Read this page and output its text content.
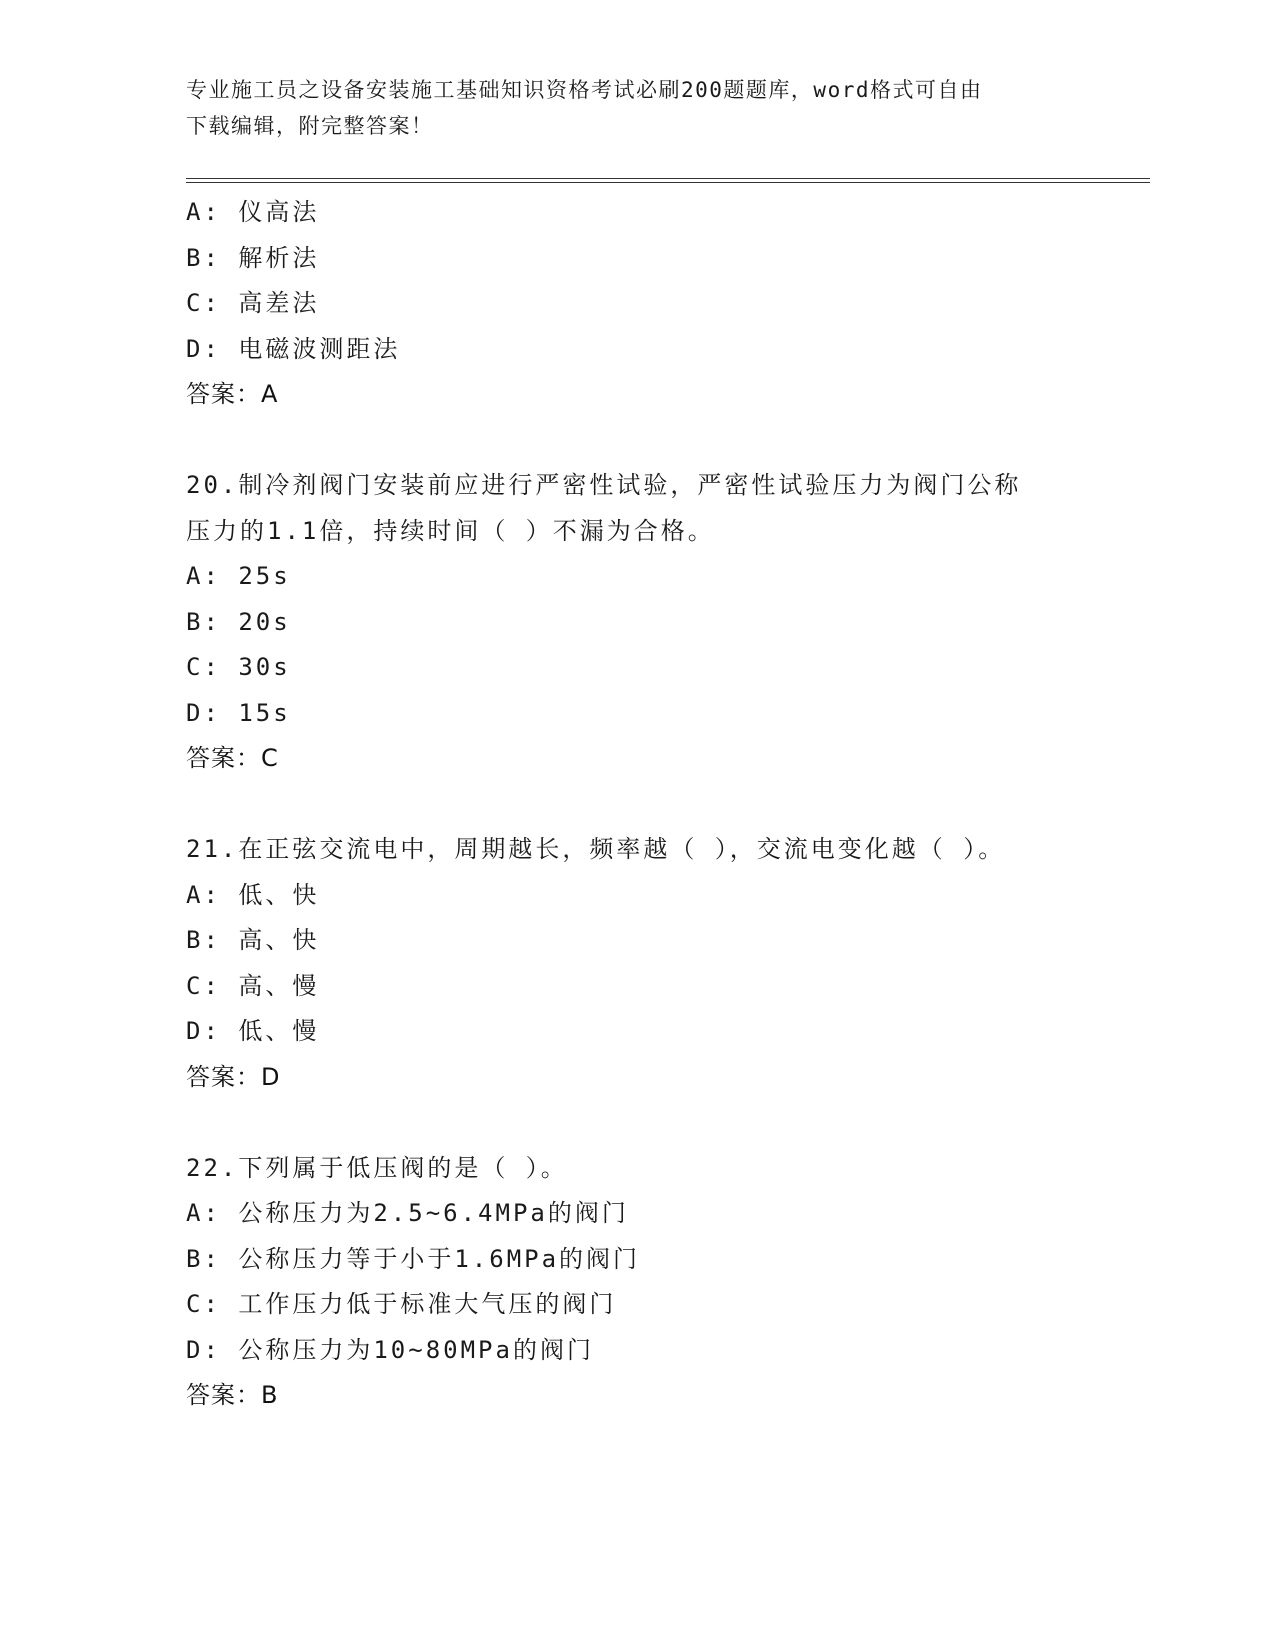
专业施工员之设备安装施工基础知识资格考试必刷200题题库，word格式可自由
下载编辑，附完整答案！
A: 仪高法
B: 解析法
C: 高差法
D: 电磁波测距法
答案：A
20.制冷剂阀门安装前应进行严密性试验，严密性试验压力为阀门公称
压力的1.1倍，持续时间（ ）不漏为合格。
A: 25s
B: 20s
C: 30s
D: 15s
答案：C
21.在正弦交流电中，周期越长，频率越（ ），交流电变化越（ ）。
A: 低、快
B: 高、快
C: 高、慢
D: 低、慢
答案：D
22.下列属于低压阀的是（ ）。
A: 公称压力为2.5~6.4MPa的阀门
B: 公称压力等于小于1.6MPa的阀门
C: 工作压力低于标准大气压的阀门
D: 公称压力为10~80MPa的阀门
答案：B
